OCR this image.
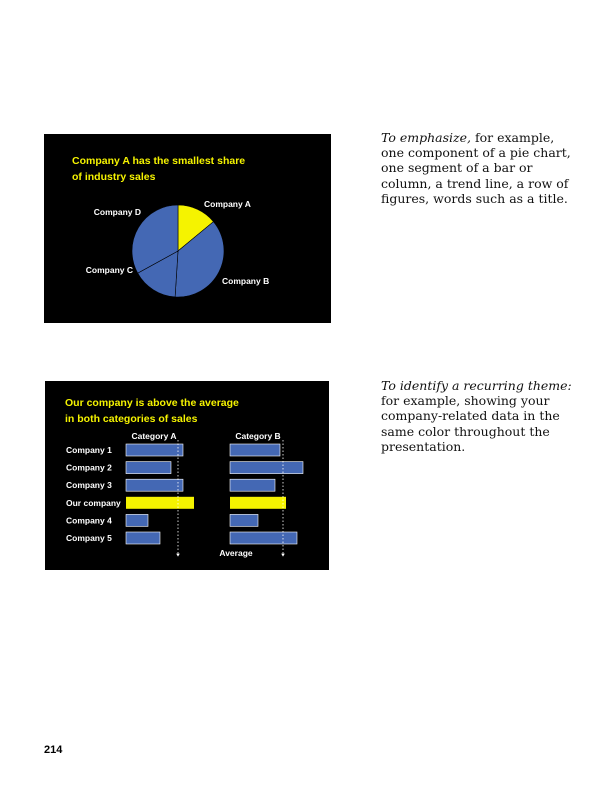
Company A has the smallest share
of industry sales

Company A
Company B
Company C
Company D

To emphasize, for example, one component of a pie chart, one segment of a bar or column, a trend line, a row of figures, words such as a title.

Our company is above the average
in both categories of sales

Company 1
Company 2
Company 3
Our company
Company 4
Company 5
Category A	Category B
Average

To identify a recurring theme: for example, showing your company-related data in the same color throughout the presentation.

214
